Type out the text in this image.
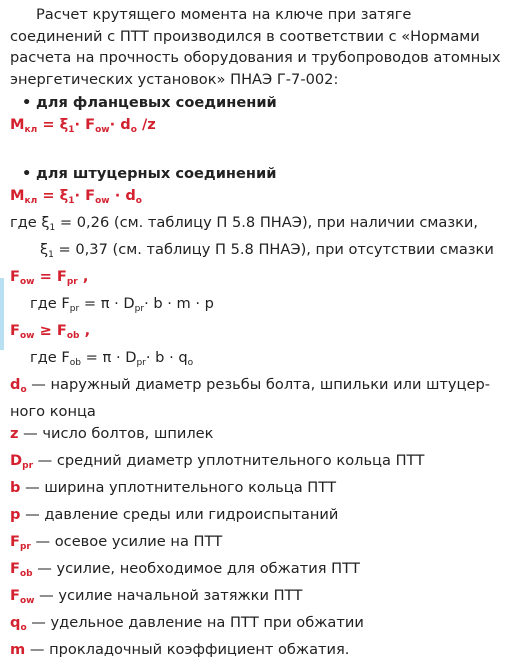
Расчет крутящего момента на ключе при затяге соединений с ПТТ производился в соответствии с «Нормами расчета на прочность оборудования и трубопроводов атомных энергетических установок» ПНАЭ Г-7-002:

• для фланцевых соединений
$М_{кл} = \xi_1\cdot F_{ow}\cdot d_o$ /z
• для штуцерных соединений
$М_{кл} = \xi_1\cdot F_{ow} \cdot d_o$
где $\xi_1 = 0,26$ (см. таблицу П 5.8 ПНАЭ), при наличии смазки,
$\xi_1 = 0,37$ (см. таблицу П 5.8 ПНАЭ), при отсутствии смазки
$F_{ow} = F_{pr}$ ,
где $F_{pr} = \pi \cdot D_{pr}\cdot b \cdot m \cdot p$
$F_{ow} \ge F_{ob}$ ,
где $F_{ob} = \pi \cdot D_{pr}\cdot b \cdot q_o$
$d_o$ — наружный диаметр резьбы болта, шпильки или штуцер-
ного конца
z — число болтов, шпилек
$D_{pr}$ — средний диаметр уплотнительного кольца ПТТ
b — ширина уплотнительного кольца ПТТ
p — давление среды или гидроиспытаний
$F_{pr}$ — осевое усилие на ПТТ
$F_{ob}$ — усилие, необходимое для обжатия ПТТ
$F_{ow}$ — усилие начальной затяжки ПТТ
$q_o$ — удельное давление на ПТТ при обжатии
m — прокладочный коэффициент обжатия.
